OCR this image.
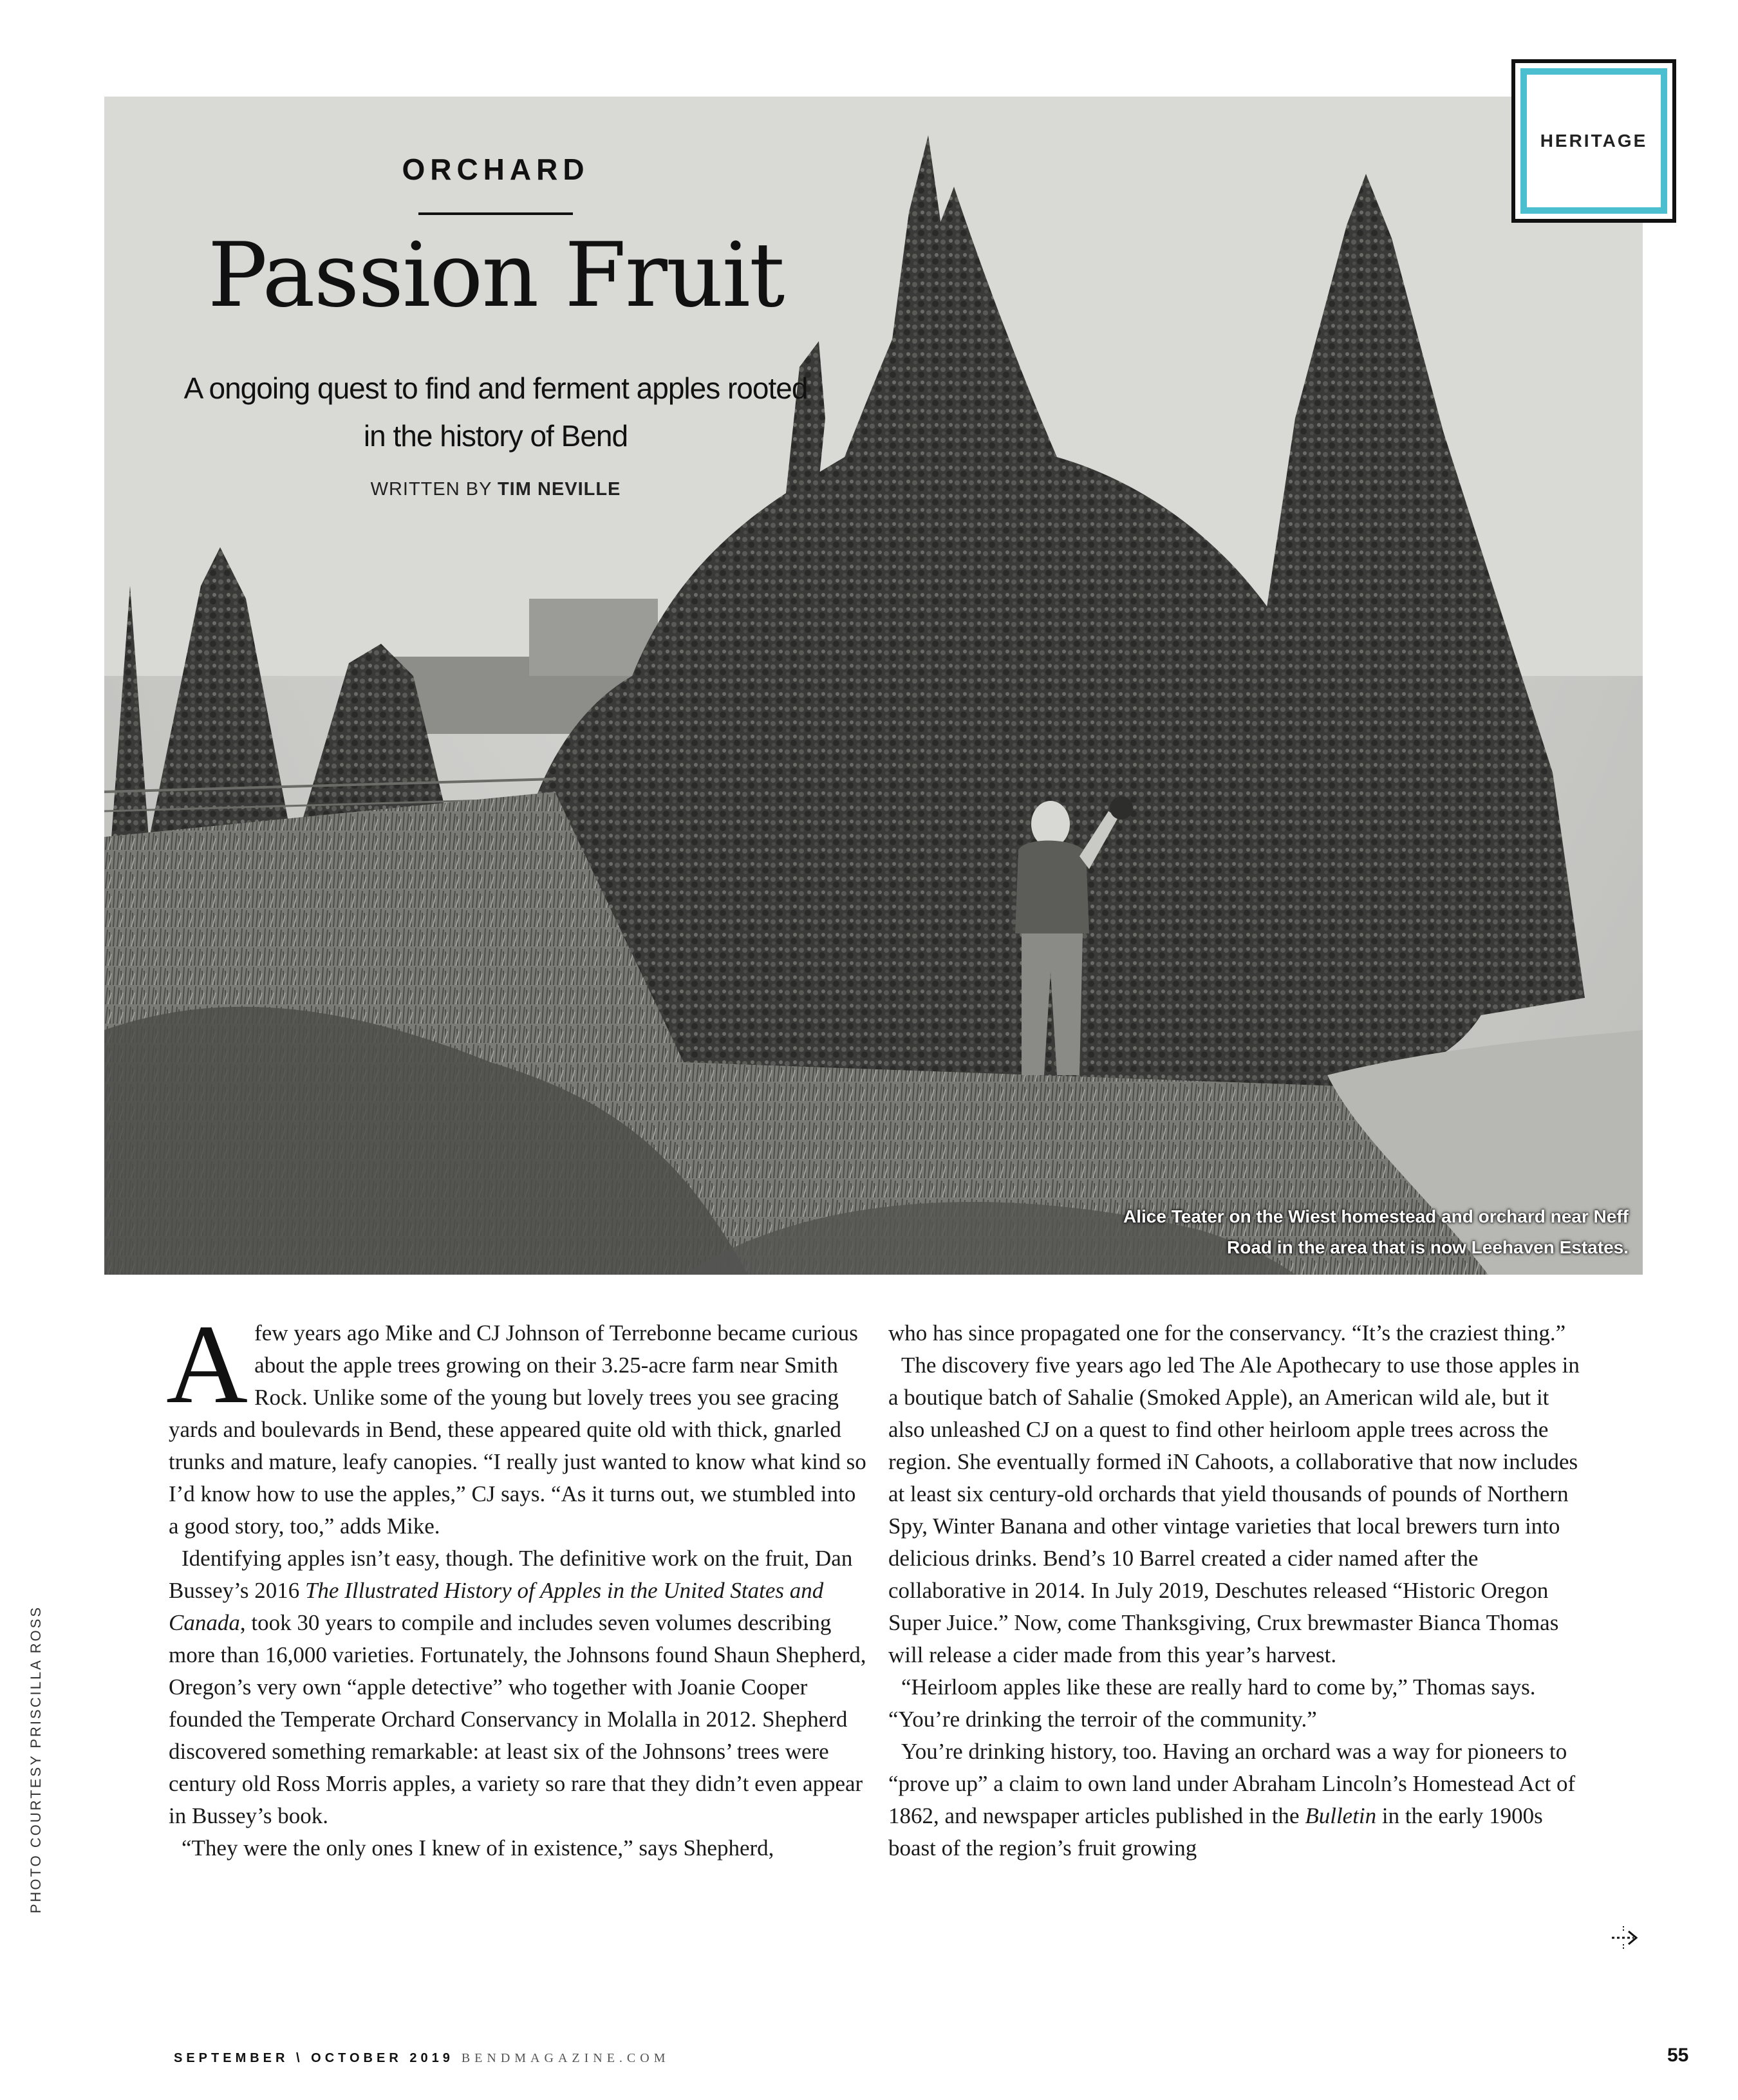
HERITAGE
ORCHARD
Passion Fruit
A ongoing quest to find and ferment apples rooted
in the history of Bend
WRITTEN BY TIM NEVILLE
Alice Teater on the Wiest homestead and orchard near Neff
Road in the area that is now Leehaven Estates.
PHOTO COURTESY PRISCILLA ROSS

Afew years ago Mike and CJ Johnson of Terrebonne became curious about the apple trees growing on their 3.25-acre farm near Smith Rock. Unlike some of the young but lovely trees you see gracing yards and boulevards in Bend, these appeared quite old with thick, gnarled trunks and mature, leafy canopies. “I really just wanted to know what kind so I’d know how to use the apples,” CJ says. “As it turns out, we stumbled into a good story, too,” adds Mike.

Identifying apples isn’t easy, though. The definitive work on the fruit, Dan Bussey’s 2016 The Illustrated History of Apples in the United States and Canada, took 30 years to compile and includes seven volumes describing more than 16,000 varieties. Fortunately, the Johnsons found Shaun Shepherd, Oregon’s very own “apple detective” who together with Joanie Cooper founded the Temperate Orchard Conservancy in Molalla in 2012. Shepherd discovered something remarkable: at least six of the Johnsons’ trees were century old Ross Morris apples, a variety so rare that they didn’t even appear in Bussey’s book.

“They were the only ones I knew of in existence,” says Shepherd,

who has since propagated one for the conservancy. “It’s the craziest thing.”

The discovery five years ago led The Ale Apothecary to use those apples in a boutique batch of Sahalie (Smoked Apple), an American wild ale, but it also unleashed CJ on a quest to find other heirloom apple trees across the region. She eventually formed iN Cahoots, a collaborative that now includes at least six century-old orchards that yield thousands of pounds of Northern Spy, Winter Banana and other vintage varieties that local brewers turn into delicious drinks. Bend’s 10 Barrel created a cider named after the collaborative in 2014. In July 2019, Deschutes released “Historic Oregon Super Juice.” Now, come Thanksgiving, Crux brewmaster Bianca Thomas will release a cider made from this year’s harvest.

“Heirloom apples like these are really hard to come by,” Thomas says. “You’re drinking the terroir of the community.”

You’re drinking history, too. Having an orchard was a way for pioneers to “prove up” a claim to own land under Abraham Lincoln’s Homestead Act of 1862, and newspaper articles published in the Bulletin in the early 1900s boast of the region’s fruit growing

SEPTEMBER \ OCTOBER 2019 BENDMAGAZINE.COM	55
